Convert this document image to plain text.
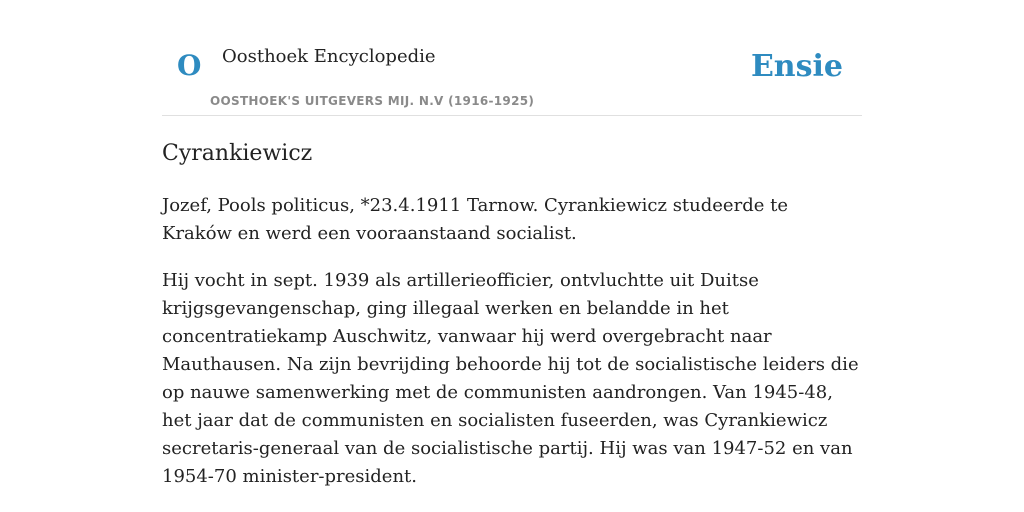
O Oosthoek Encyclopedie
OOSTHOEK'S UITGEVERS MIJ. N.V (1916-1925)
Ensie
Cyrankiewicz

Jozef, Pools politicus, *23.4.1911 Tarnow. Cyrankiewicz studeerde te Kraków en werd een vooraanstaand socialist.

Hij vocht in sept. 1939 als artillerieofficier, ontvluchtte uit Duitse krijgsgevangenschap, ging illegaal werken en belandde in het concentratiekamp Auschwitz, vanwaar hij werd overgebracht naar Mauthausen. Na zijn bevrijding behoorde hij tot de socialistische leiders die op nauwe samenwerking met de communisten aandrongen. Van 1945-48, het jaar dat de communisten en socialisten fuseerden, was Cyrankiewicz secretaris-generaal van de socialistische partij. Hij was van 1947-52 en van 1954-70 minister-president.
